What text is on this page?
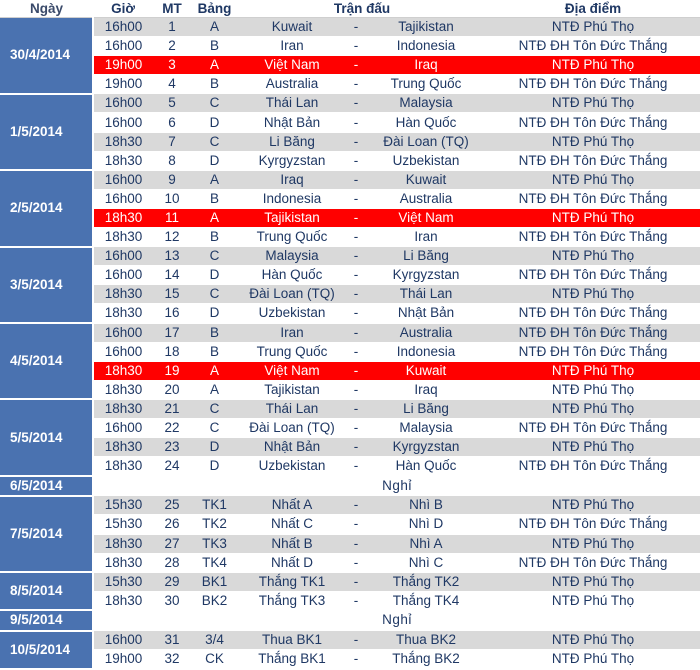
Ngày	Giờ	MT	Bảng	Trận đấu			Địa điểm
30/4/2014	16h00	1	A	Kuwait	-	Tajikistan	NTĐ Phú Thọ
	16h00	2	B	Iran	-	Indonesia	NTĐ ĐH Tôn Đức Thắng
	19h00	3	A	Việt Nam	-	Iraq	NTĐ Phú Thọ
	19h00	4	B	Australia	-	Trung Quốc	NTĐ ĐH Tôn Đức Thắng
1/5/2014	16h00	5	C	Thái Lan	-	Malaysia	NTĐ Phú Thọ
	16h00	6	D	Nhật Bản	-	Hàn Quốc	NTĐ ĐH Tôn Đức Thắng
	18h30	7	C	Li Băng	-	Đài Loan (TQ)	NTĐ Phú Thọ
	18h30	8	D	Kyrgyzstan	-	Uzbekistan	NTĐ ĐH Tôn Đức Thắng
2/5/2014	16h00	9	A	Iraq	-	Kuwait	NTĐ Phú Thọ
	16h00	10	B	Indonesia	-	Australia	NTĐ ĐH Tôn Đức Thắng
	18h30	11	A	Tajikistan	-	Việt Nam	NTĐ Phú Thọ
	18h30	12	B	Trung Quốc	-	Iran	NTĐ ĐH Tôn Đức Thắng
3/5/2014	16h00	13	C	Malaysia	-	Li Băng	NTĐ Phú Thọ
	16h00	14	D	Hàn Quốc	-	Kyrgyzstan	NTĐ ĐH Tôn Đức Thắng
	18h30	15	C	Đài Loan (TQ)	-	Thái Lan	NTĐ Phú Thọ
	18h30	16	D	Uzbekistan	-	Nhật Bản	NTĐ ĐH Tôn Đức Thắng
4/5/2014	16h00	17	B	Iran	-	Australia	NTĐ ĐH Tôn Đức Thắng
	16h00	18	B	Trung Quốc	-	Indonesia	NTĐ ĐH Tôn Đức Thắng
	18h30	19	A	Việt Nam	-	Kuwait	NTĐ Phú Thọ
	18h30	20	A	Tajikistan	-	Iraq	NTĐ Phú Thọ
5/5/2014	18h30	21	C	Thái Lan	-	Li Băng	NTĐ Phú Thọ
	16h00	22	C	Đài Loan (TQ)	-	Malaysia	NTĐ ĐH Tôn Đức Thắng
	18h30	23	D	Nhật Bản	-	Kyrgyzstan	NTĐ Phú Thọ
	18h30	24	D	Uzbekistan	-	Hàn Quốc	NTĐ ĐH Tôn Đức Thắng
6/5/2014	Nghỉ						
7/5/2014	15h30	25	TK1	Nhất A	-	Nhì B	NTĐ Phú Thọ
	15h30	26	TK2	Nhất C	-	Nhì D	NTĐ ĐH Tôn Đức Thắng
	18h30	27	TK3	Nhất B	-	Nhì A	NTĐ Phú Thọ
	18h30	28	TK4	Nhất D	-	Nhì C	NTĐ ĐH Tôn Đức Thắng
8/5/2014	15h30	29	BK1	Thắng TK1	-	Thắng TK2	NTĐ Phú Thọ
	18h30	30	BK2	Thắng TK3	-	Thắng TK4	NTĐ Phú Thọ
9/5/2014	Nghỉ						
10/5/2014	16h00	31	3/4	Thua BK1	-	Thua BK2	NTĐ Phú Thọ
	19h00	32	CK	Thắng BK1	-	Thắng BK2	NTĐ Phú Thọ
